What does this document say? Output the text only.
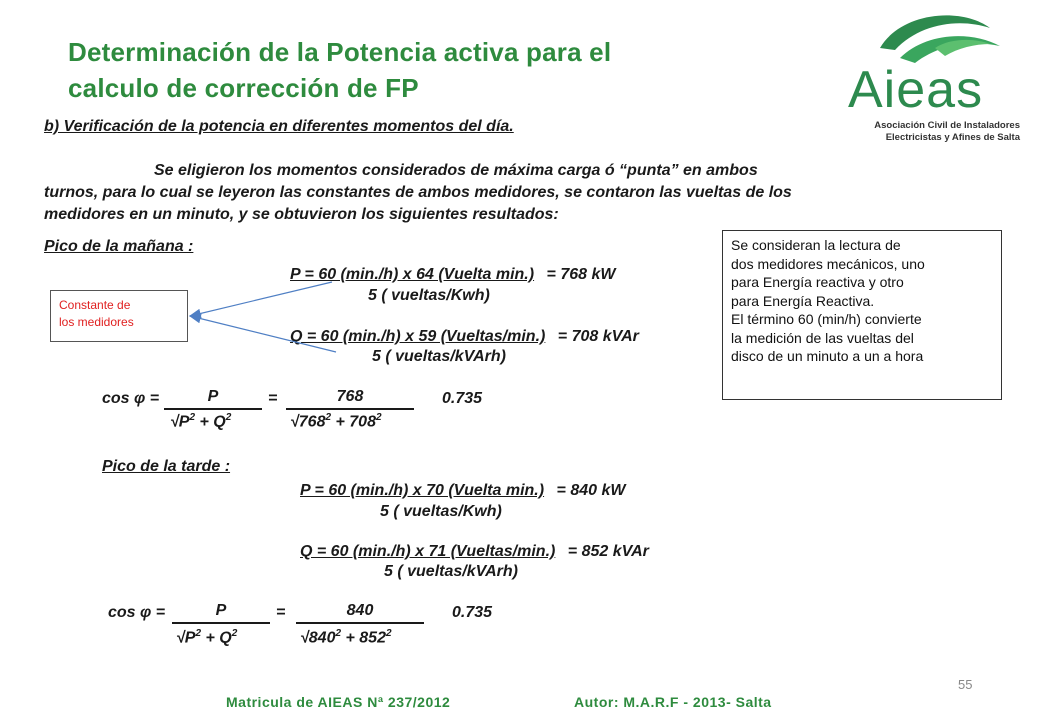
Determinación de la Potencia activa para el
calculo de corrección de FP	Aieas
Asociación Civil de Instaladores
Electricistas y Afines de Salta
b) Verificación de la potencia en diferentes momentos del día.
Se eligieron los momentos considerados de máxima carga ó “punta” en ambos turnos, para lo cual se leyeron las constantes de ambos medidores, se contaron las vueltas de los medidores en un minuto, y se obtuvieron los siguientes resultados:
Pico de la mañana :
P = 60 (min./h) x 64 (Vuelta min.) = 768 kW
5 ( vueltas/Kwh)
Q = 60 (min./h) x 59 (Vueltas/min.) = 708 kVAr
5 ( vueltas/kVArh)
cos φ =	P
$√P^2 + Q^2$
=	768
$√768^2 + 708^2$
0.735
Pico de la tarde :
P = 60 (min./h) x 70 (Vuelta min.) = 840 kW
5 ( vueltas/Kwh)
Q = 60 (min./h) x 71 (Vueltas/min.) = 852 kVAr
5 ( vueltas/kVArh)
cos φ =	P
$√P^2 + Q^2$
=	840
$√840^2 + 852^2$
0.735
Se consideran la lectura de
dos medidores mecánicos, uno
para Energía reactiva y otro
para Energía Reactiva.
El término 60 (min/h) convierte
la medición de las vueltas del
disco de un minuto a un a hora
Constante de
los medidores
55
Matricula de AIEAS Nª 237/2012	Autor: M.A.R.F - 2013- Salta
